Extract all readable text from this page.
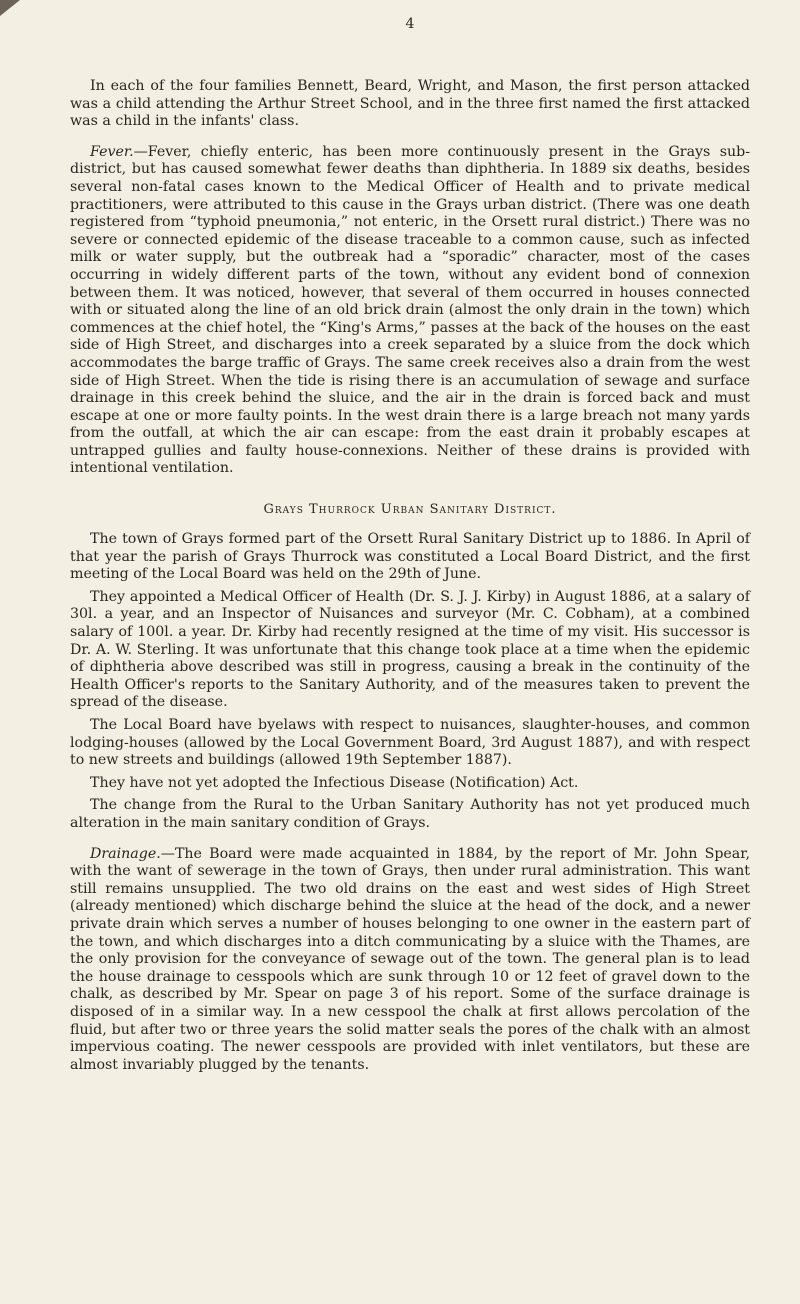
4

In each of the four families Bennett, Beard, Wright, and Mason, the first person attacked was a child attending the Arthur Street School, and in the three first named the first attacked was a child in the infants' class.

Fever.—Fever, chiefly enteric, has been more continuously present in the Grays sub-district, but has caused somewhat fewer deaths than diphtheria. In 1889 six deaths, besides several non-fatal cases known to the Medical Officer of Health and to private medical practitioners, were attributed to this cause in the Grays urban district. (There was one death registered from “typhoid pneumonia,” not enteric, in the Orsett rural district.) There was no severe or connected epidemic of the disease traceable to a common cause, such as infected milk or water supply, but the outbreak had a “sporadic” character, most of the cases occurring in widely different parts of the town, without any evident bond of connexion between them. It was noticed, however, that several of them occurred in houses connected with or situated along the line of an old brick drain (almost the only drain in the town) which commences at the chief hotel, the “King's Arms,” passes at the back of the houses on the east side of High Street, and discharges into a creek separated by a sluice from the dock which accommodates the barge traffic of Grays. The same creek receives also a drain from the west side of High Street. When the tide is rising there is an accumulation of sewage and surface drainage in this creek behind the sluice, and the air in the drain is forced back and must escape at one or more faulty points. In the west drain there is a large breach not many yards from the outfall, at which the air can escape: from the east drain it probably escapes at untrapped gullies and faulty house-connexions. Neither of these drains is provided with intentional ventilation.

Grays Thurrock Urban Sanitary District.

The town of Grays formed part of the Orsett Rural Sanitary District up to 1886. In April of that year the parish of Grays Thurrock was constituted a Local Board District, and the first meeting of the Local Board was held on the 29th of June.

They appointed a Medical Officer of Health (Dr. S. J. J. Kirby) in August 1886, at a salary of 30l. a year, and an Inspector of Nuisances and surveyor (Mr. C. Cobham), at a combined salary of 100l. a year. Dr. Kirby had recently resigned at the time of my visit. His successor is Dr. A. W. Sterling. It was unfortunate that this change took place at a time when the epidemic of diphtheria above described was still in progress, causing a break in the continuity of the Health Officer's reports to the Sanitary Authority, and of the measures taken to prevent the spread of the disease.

The Local Board have byelaws with respect to nuisances, slaughter-houses, and common lodging-houses (allowed by the Local Government Board, 3rd August 1887), and with respect to new streets and buildings (allowed 19th September 1887).

They have not yet adopted the Infectious Disease (Notification) Act.

The change from the Rural to the Urban Sanitary Authority has not yet produced much alteration in the main sanitary condition of Grays.

Drainage.—The Board were made acquainted in 1884, by the report of Mr. John Spear, with the want of sewerage in the town of Grays, then under rural administration. This want still remains unsupplied. The two old drains on the east and west sides of High Street (already mentioned) which discharge behind the sluice at the head of the dock, and a newer private drain which serves a number of houses belonging to one owner in the eastern part of the town, and which discharges into a ditch communicating by a sluice with the Thames, are the only provision for the conveyance of sewage out of the town. The general plan is to lead the house drainage to cesspools which are sunk through 10 or 12 feet of gravel down to the chalk, as described by Mr. Spear on page 3 of his report. Some of the surface drainage is disposed of in a similar way. In a new cesspool the chalk at first allows percolation of the fluid, but after two or three years the solid matter seals the pores of the chalk with an almost impervious coating. The newer cesspools are provided with inlet ventilators, but these are almost invariably plugged by the tenants.
